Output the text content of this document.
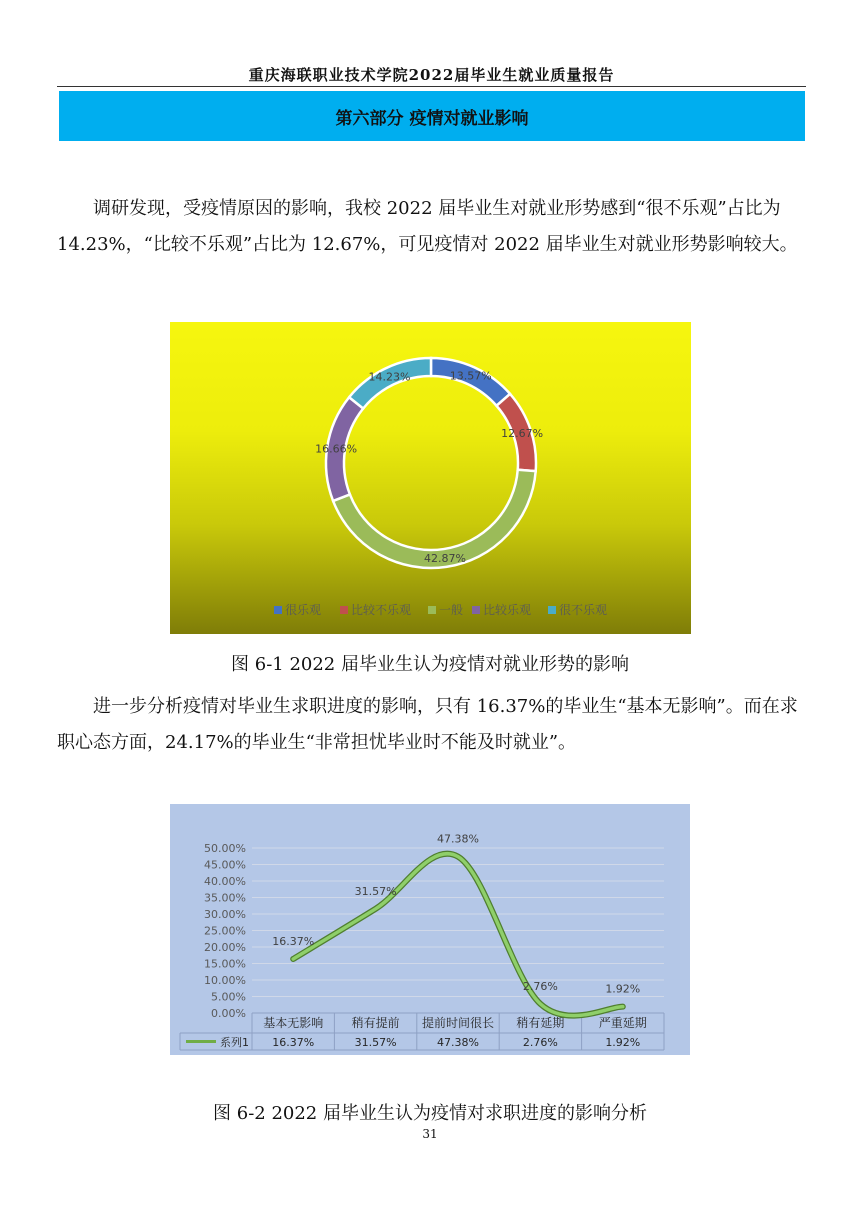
重庆海联职业技术学院2022届毕业生就业质量报告
第六部分 疫情对就业影响

调研发现，受疫情原因的影响，我校 2022 届毕业生对就业形势感到“很不乐观”占比为 14.23%，“比较不乐观”占比为 12.67%，可见疫情对 2022 届毕业生对就业形势影响较大。

13.57%
12.67%
42.87%
16.66%
14.23%
很乐观 比较不乐观 一般 比较乐观 很不乐观
图 6-1 2022 届毕业生认为疫情对就业形势的影响

进一步分析疫情对毕业生求职进度的影响，只有 16.37%的毕业生“基本无影响”。而在求职心态方面，24.17%的毕业生“非常担忧毕业时不能及时就业”。

0.00%
5.00%
10.00%
15.00%
20.00%
25.00%
30.00%
35.00%
40.00%
45.00%
50.00%
基本无影响 稍有提前 提前时间很长 稍有延期	严重延期
系列1 16.37%	31.57%	47.38%	2.76%	1.92%
16.37%
31.57%
47.38%
2.76%	1.92%
图 6-2 2022 届毕业生认为疫情对求职进度的影响分析
31
